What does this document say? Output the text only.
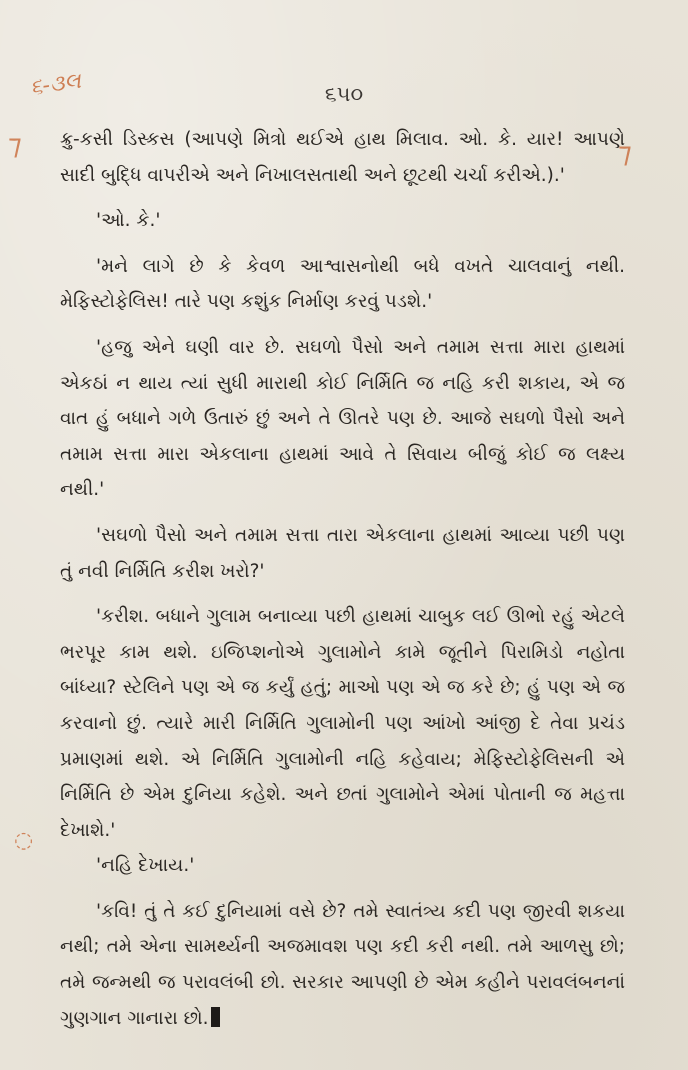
૬-૩લ
⁊	⁊
◌
૬૫૦

ક્રુ-કસી ડિસ્કસ (આપણે મિત્રો થઈએ હાથ મિલાવ. ઓ. કે. યાર! આપણે સાદી બુદ્ધિ વાપરીએ અને નિખાલસતાથી અને છૂટથી ચર્ચા કરીએ.).'

'ઓ. કે.'

'મને લાગે છે કે કેવળ આશ્વાસનોથી બધે વખતે ચાલવાનું નથી. મેફિસ્ટોફેલિસ! તારે પણ કશુંક નિર્માણ કરવું પડશે.'

'હજુ એને ઘણી વાર છે. સઘળો પૈસો અને તમામ સત્તા મારા હાથમાં એકઠાં ન થાય ત્યાં સુધી મારાથી કોઈ નિર્મિતિ જ નહિ કરી શકાય, એ જ વાત હું બધાને ગળે ઉતારું છું અને તે ઊતરે પણ છે. આજે સઘળો પૈસો અને તમામ સત્તા મારા એકલાના હાથમાં આવે તે સિવાય બીજું કોઈ જ લક્ષ્ય નથી.'

'સઘળો પૈસો અને તમામ સત્તા તારા એકલાના હાથમાં આવ્યા પછી પણ તું નવી નિર્મિતિ કરીશ ખરો?'

'કરીશ. બધાને ગુલામ બનાવ્યા પછી હાથમાં ચાબુક લઈ ઊભો રહું એટલે ભરપૂર કામ થશે. ઇજિપ્શનોએ ગુલામોને કામે જૂતીને પિરામિડો નહોતા બાંધ્યા? સ્ટેલિને પણ એ જ કર્યું હતું; માઓ પણ એ જ કરે છે; હું પણ એ જ કરવાનો છું. ત્યારે મારી નિર્મિતિ ગુલામોની પણ આંખો આંજી દે તેવા પ્રચંડ પ્રમાણમાં થશે. એ નિર્મિતિ ગુલામોની નહિ કહેવાય; મેફિસ્ટોફેલિસની એ નિર્મિતિ છે એમ દુનિયા કહેશે. અને છતાં ગુલામોને એમાં પોતાની જ મહત્તા દેખાશે.'

'નહિ દેખાય.'

'કવિ! તું તે કઈ દુનિયામાં વસે છે? તમે સ્વાતંત્ર્ય કદી પણ જીરવી શકયા નથી; તમે એના સામર્થ્યની અજમાવશ પણ કદી કરી નથી. તમે આળસુ છો; તમે જન્મથી જ પરાવલંબી છો. સરકાર આપણી છે એમ કહીને પરાવલંબનનાં ગુણગાન ગાનારા છો.
